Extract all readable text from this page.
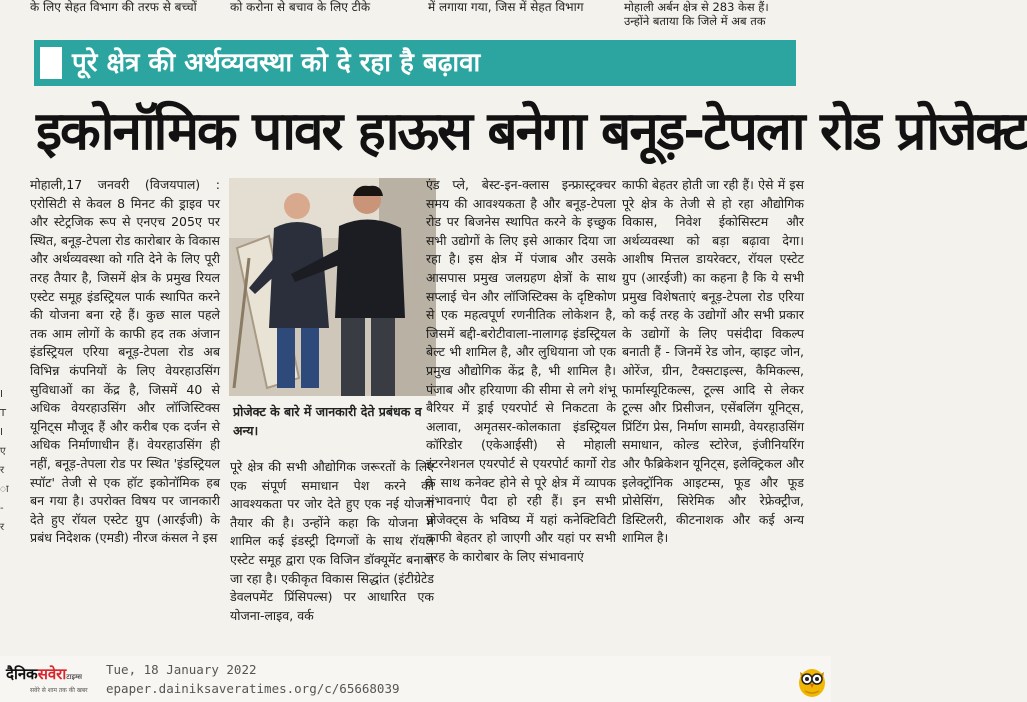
के लिए सेहत विभाग की तरफ से बच्चों	को करोना से बचाव के लिए टीके	में लगाया गया, जिस में सेहत विभाग	मोहाली अर्बन क्षेत्र से 283 केस हैं।
उन्होंने बताया कि जिले में अब तक
I
T
I
ए
र
ा
-
र
पूरे क्षेत्र की अर्थव्यवस्था को दे रहा है बढ़ावा
इकोनॉमिक पावर हाऊस बनेगा बनूड़-टेपला रोड प्रोजेक्ट
मोहाली,17 जनवरी (विजयपाल) : एरोसिटी से केवल 8 मिनट की ड्राइव पर और स्टेट्रजिक रूप से एनएच 205ए पर स्थित, बनूड़-टेपला रोड कारोबार के विकास और अर्थव्यवस्था को गति देने के लिए पूरी तरह तैयार है, जिसमें क्षेत्र के प्रमुख रियल एस्टेट समूह इंडस्ट्रियल पार्क स्थापित करने की योजना बना रहे हैं। कुछ साल पहले तक आम लोगों के काफी हद तक अंजान इंडस्ट्रियल एरिया बनूड़-टेपला रोड अब विभिन्न कंपनियों के लिए वेयरहाउसिंग सुविधाओं का केंद्र है, जिसमें 40 से अधिक वेयरहाउसिंग और लॉजिस्टिक्स यूनिट्स मौजूद हैं और करीब एक दर्जन से अधिक निर्माणाधीन हैं। वेयरहाउसिंग ही नहीं, बनूड़-तेपला रोड पर स्थित 'इंडस्ट्रियल स्पॉट' तेजी से एक हॉट इकोनॉमिक हब बन गया है। उपरोक्त विषय पर जानकारी देते हुए रॉयल एस्टेट ग्रुप (आरईजी) के प्रबंध निदेशक (एमडी) नीरज कंसल ने इस
प्रोजेक्ट के बारे में जानकारी देते प्रबंधक व अन्य।
पूरे क्षेत्र की सभी औद्योगिक जरूरतों के लिए एक संपूर्ण समाधान पेश करने की आवश्यकता पर जोर देते हुए एक नई योजना तैयार की है। उन्होंने कहा कि योजना में शामिल कई इंडस्ट्री दिग्गजों के साथ रॉयल एस्टेट समूह द्वारा एक विजिन डॉक्यूमेंट बनाया जा रहा है। एकीकृत विकास सिद्धांत (इंटीग्रेटेड डेवलपमेंट प्रिंसिपल्स) पर आधारित एक योजना-लाइव, वर्क
एंड प्ले, बेस्ट-इन-क्लास इन्फ्रास्ट्रक्चर समय की आवश्यकता है और बनूड़-टेपला रोड पर बिजनेस स्थापित करने के इच्छुक सभी उद्योगों के लिए इसे आकार दिया जा रहा है। इस क्षेत्र में पंजाब और उसके आसपास प्रमुख जलग्रहण क्षेत्रों के साथ सप्लाई चेन और लॉजिस्टिक्स के दृष्टिकोण से एक महत्वपूर्ण रणनीतिक लोकेशन है, जिसमें बद्दी-बरोटीवाला-नालागढ़ इंडस्ट्रियल बेल्ट भी शामिल है, और लुधियाना जो एक प्रमुख औद्योगिक केंद्र है, भी शामिल है। पंजाब और हरियाणा की सीमा से लगे शंभू बैरियर में ड्राई एयरपोर्ट से निकटता के अलावा, अमृतसर-कोलकाता इंडस्ट्रियल कॉरिडोर (एकेआईसी) से मोहाली इंटरनेशनल एयरपोर्ट से एयरपोर्ट कार्गो रोड के साथ कनेक्ट होने से पूरे क्षेत्र में व्यापक संभावनाएं पैदा हो रही हैं। इन सभी प्रोजेक्ट्स के भविष्य में यहां कनेक्टिविटी काफी बेहतर हो जाएगी और यहां पर सभी तरह के कारोबार के लिए संभावनाएं
काफी बेहतर होती जा रही हैं। ऐसे में इस पूरे क्षेत्र के तेजी से हो रहा औद्योगिक विकास, निवेश ईकोसिस्टम और अर्थव्यवस्था को बड़ा बढ़ावा देगा। आशीष मित्तल डायरेक्टर, रॉयल एस्टेट ग्रुप (आरईजी) का कहना है कि ये सभी प्रमुख विशेषताएं बनूड़-टेपला रोड एरिया को कई तरह के उद्योगों और सभी प्रकार के उद्योगों के लिए पसंदीदा विकल्प बनाती हैं - जिनमें रेड जोन, व्हाइट जोन, ओरेंज, ग्रीन, टैक्सटाइल्स, कैमिकल्स, फार्मास्यूटिकल्स, टूल्स आदि से लेकर टूल्स और प्रिसीजन, एसेंबलिंग यूनिट्स, प्रिंटिंग प्रेस, निर्माण सामग्री, वेयरहाउसिंग समाधान, कोल्ड स्टोरेज, इंजीनियरिंग और फैब्रिकेशन यूनिट्स, इलेक्ट्रिकल और इलेक्ट्रॉनिक आइटम्स, फूड और फूड प्रोसेसिंग, सिरेमिक और रेफ्रेक्ट्रीज, डिस्टिलरी, कीटनाशक और कई अन्य शामिल है।
दैनिकसवेराटाइम्स
सवेरे से शाम तक की खबर
Tue, 18 January 2022
epaper.dainiksaveratimes.org/c/65668039
